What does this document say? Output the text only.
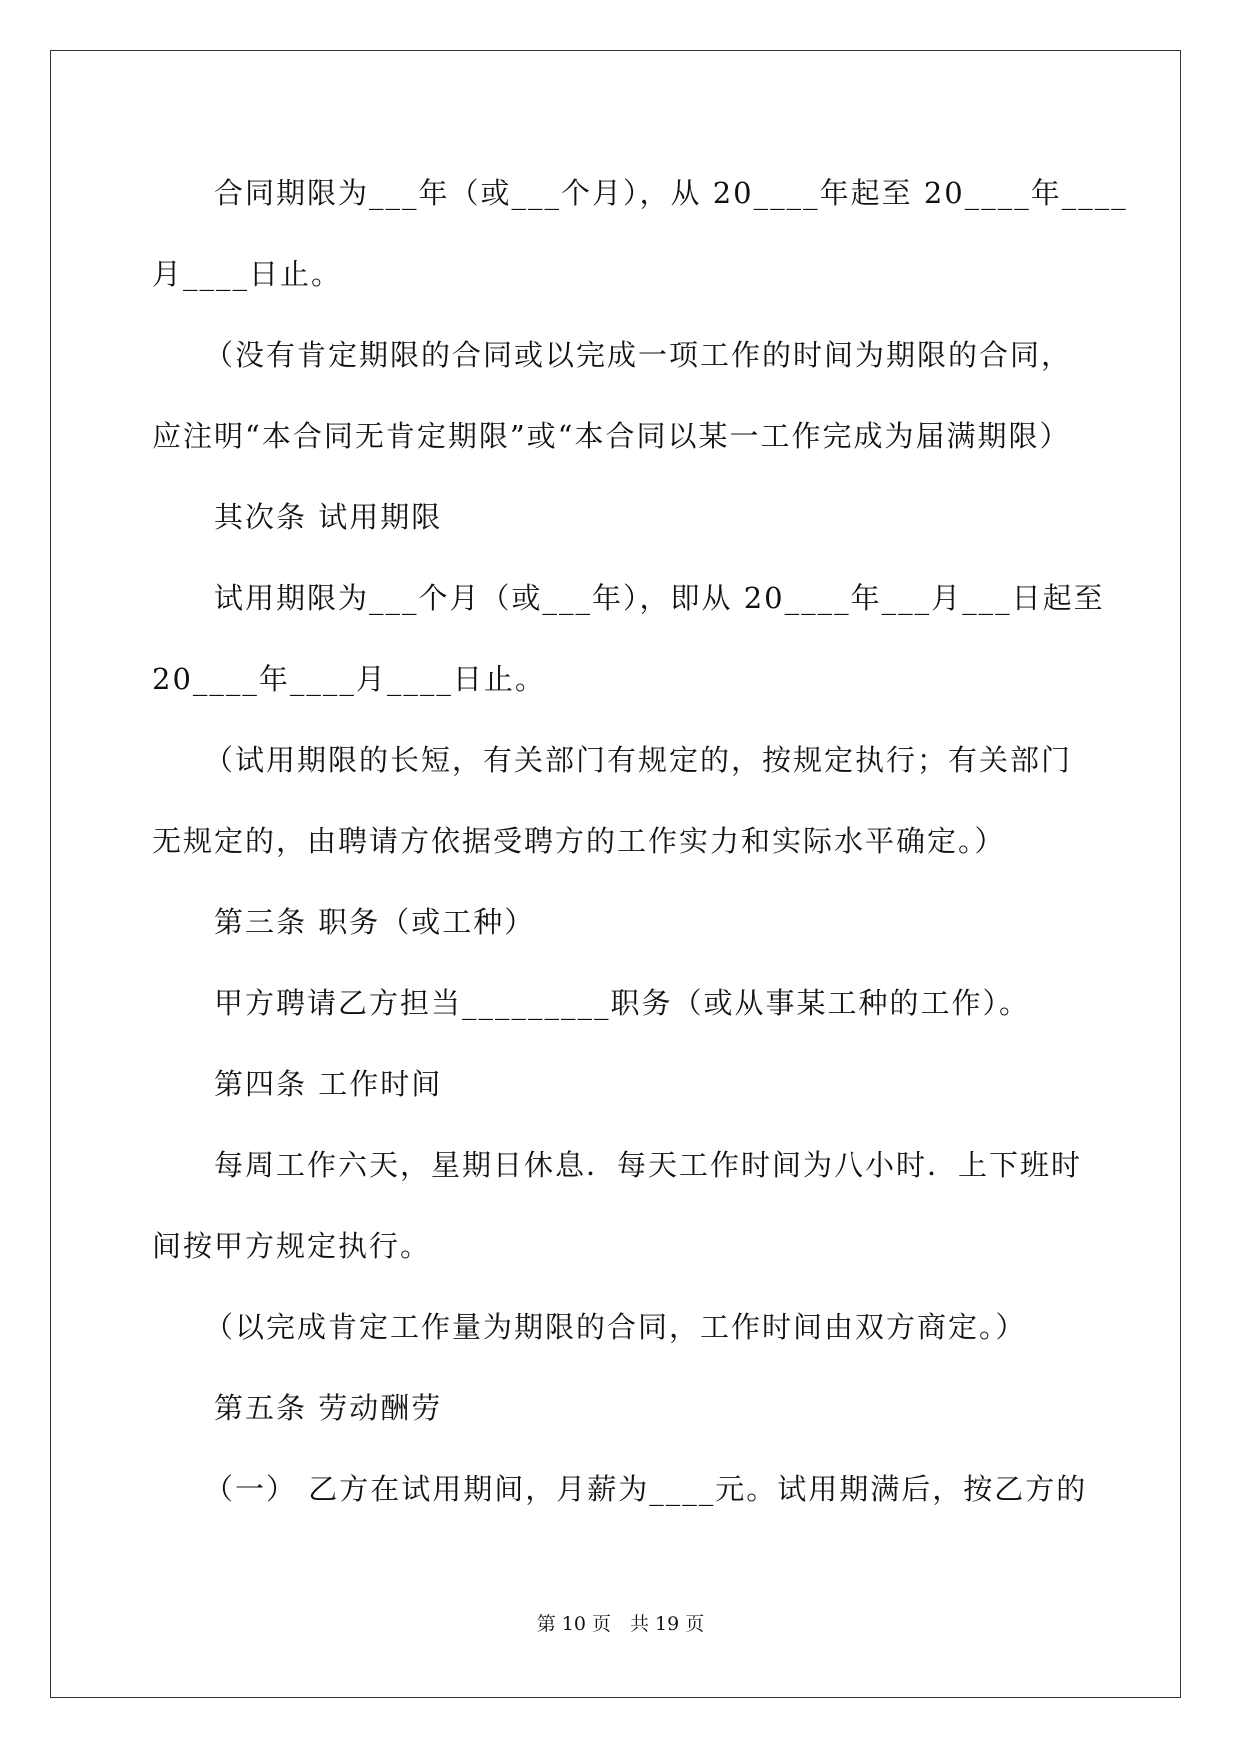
合同期限为___年（或___个月），从 20____年起至 20____年____
月____日止。
（没有肯定期限的合同或以完成一项工作的时间为期限的合同，
应注明“本合同无肯定期限”或“本合同以某一工作完成为届满期限）
其次条 试用期限
试用期限为___个月（或___年），即从 20____年___月___日起至
20____年____月____日止。
（试用期限的长短，有关部门有规定的，按规定执行；有关部门
无规定的，由聘请方依据受聘方的工作实力和实际水平确定。）
第三条 职务（或工种）
甲方聘请乙方担当_________职务（或从事某工种的工作）。
第四条 工作时间
每周工作六天，星期日休息．每天工作时间为八小时．上下班时
间按甲方规定执行。
（以完成肯定工作量为期限的合同，工作时间由双方商定。）
第五条 劳动酬劳
（一） 乙方在试用期间，月薪为____元。试用期满后，按乙方的
第 10 页　共 19 页
